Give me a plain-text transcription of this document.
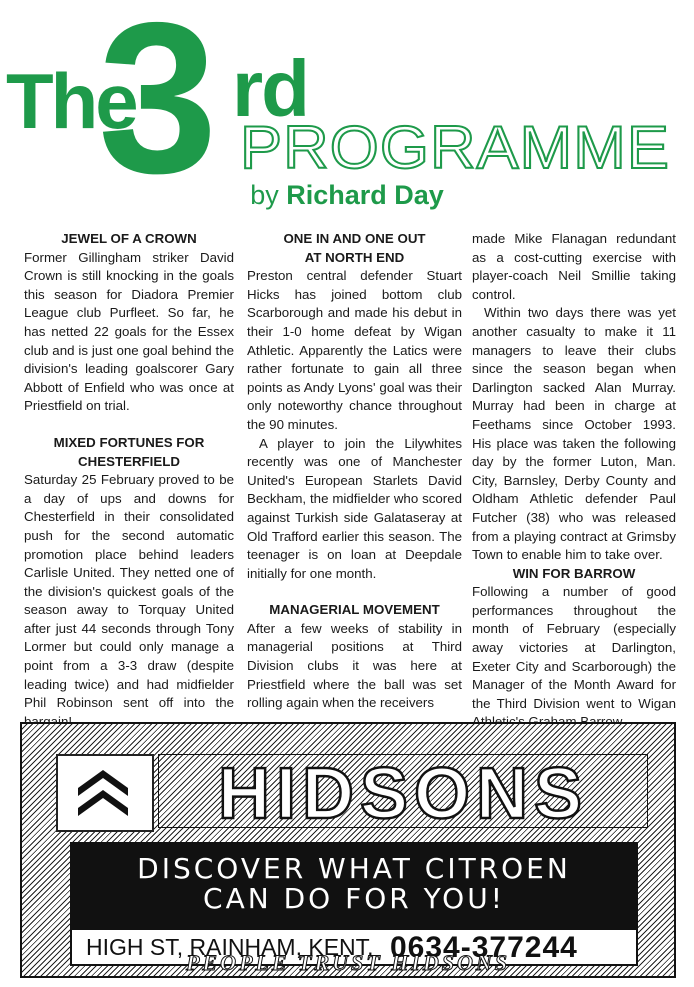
3
The rd
PROGRAMME
by Richard Day
JEWEL OF A CROWN

Former Gillingham striker David Crown is still knocking in the goals this season for Diadora Premier League club Purfleet. So far, he has netted 22 goals for the Essex club and is just one goal behind the division's leading goalscorer Gary Abbott of Enfield who was once at Priestfield on trial.

MIXED FORTUNES FOR
CHESTERFIELD

Saturday 25 February proved to be a day of ups and downs for Chesterfield in their consolidated push for the second automatic promotion place behind leaders Carlisle United. They netted one of the division's quickest goals of the season away to Torquay United after just 44 seconds through Tony Lormer but could only manage a point from a 3-3 draw (despite leading twice) and had midfielder Phil Robinson sent off into the

ONE IN AND ONE OUT
AT NORTH END

Preston central defender Stuart Hicks has joined bottom club Scarborough and made his debut in their 1-0 home defeat by Wigan Athletic. Apparently the Latics were rather fortunate to gain all three points as Andy Lyons' goal was their only noteworthy chance throughout the 90 minutes.

A player to join the Lilywhites recently was one of Manchester United's European Starlets David Beckham, the midfielder who scored against Turkish side Galataseray at Old Trafford earlier this season. The teenager is on loan at Deepdale initially for one month.

MANAGERIAL MOVEMENT

After a few weeks of stability in managerial positions at Third Division clubs it was here at Priestfield where the ball was set rolling again when the receivers

made Mike Flanagan redundant as a cost-cutting exercise with player-coach Neil Smillie taking control.

Within two days there was yet another casualty to make it 11 managers to leave their clubs since the season began when Darlington sacked Alan Murray. Murray had been in charge at Feethams since October 1993. His place was taken the following day by the former Luton, Man. City, Barnsley, Derby County and Oldham Athletic defender Paul Futcher (38) who was released from a playing contract at Grimsby Town to enable him to take over.

WIN FOR BARROW

Following a number of good performances throughout the month of February (especially away victories at Darlington, Exeter City and Scarborough) the Manager of the Month Award for the Third Division went to Wigan

HIDSONS
DISCOVER WHAT CITROEN
CAN DO FOR YOU!
HIGH ST, RAINHAM, KENT. 0634-377244
PEOPLE TRUST HIDSONS
